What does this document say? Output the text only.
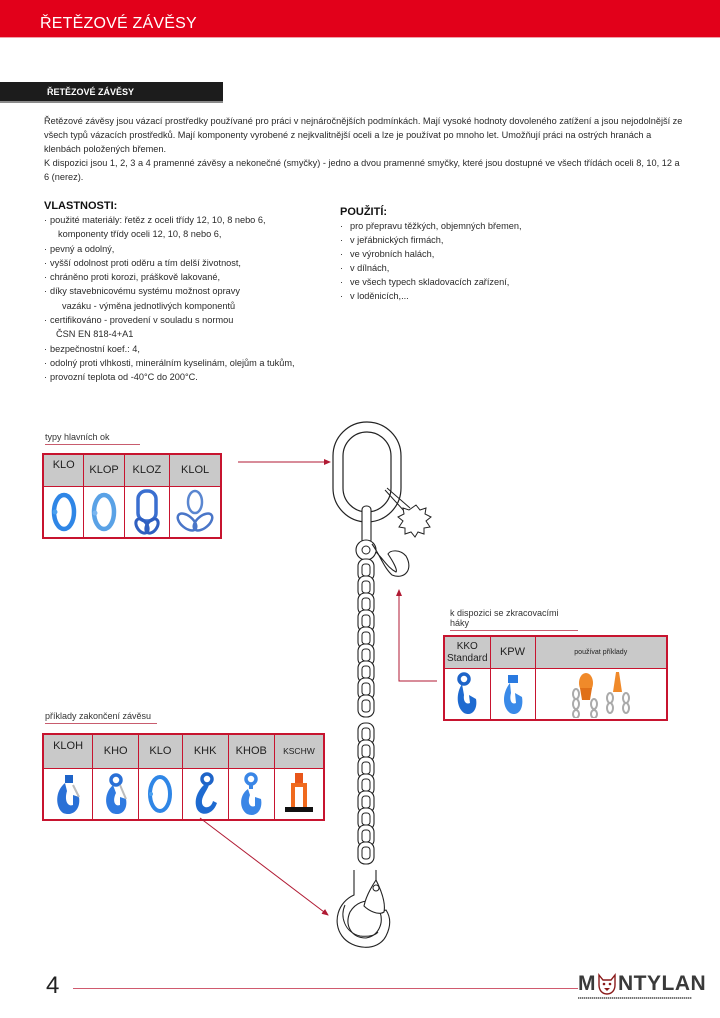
ŘETĚZOVÉ ZÁVĚSY
ŘETĚZOVÉ ZÁVĚSY

Řetězové závěsy jsou vázací prostředky používané pro práci v nejnáročnějších podmínkách. Mají vysoké hodnoty dovoleného zatížení a jsou nejodolnější ze všech typů vázacích prostředků. Mají komponenty vyrobené z nejkvalitnější oceli a lze je používat po mnoho let. Umožňují práci na ostrých hranách a klenbách položených břemen.

K dispozici jsou 1, 2, 3 a 4 pramenné závěsy a nekonečné (smyčky) - jedno a dvou pramenné smyčky, které jsou dostupné ve všech třídách oceli 8, 10, 12 a 6 (nerez).

VLASTNOSTI:
· použité materiály: řetěz z oceli třídy 12, 10, 8 nebo 6,
komponenty třídy oceli 12, 10, 8 nebo 6,
· pevný a odolný,
· vyšší odolnost proti oděru a tím delší životnost,
· chráněno proti korozi, práškově lakované,
· díky stavebnicovému systému možnost opravy
vazáku - výměna jednotlivých komponentů
· certifikováno - provedení v souladu s normou
ČSN EN 818-4+A1
· bezpečnostní koef.: 4,
· odolný proti vlhkosti, minerálním kyselinám, olejům a tukům,
· provozní teplota od -40°C do 200°C.
POUŽITÍ:
· pro přepravu těžkých, objemných břemen,
· v jeřábnických firmách,
· ve výrobních halách,
· v dílnách,
· ve všech typech skladovacích zařízení,
· v loděnicích,...
typy hlavních ok
KLO	KLOP	KLOZ	KLOL

k dispozici se zkracovacími háky
KKO Standard	KPW	používat příklady

příklady zakončení závěsu
KLOH	KHO	KLO	KHK	KHOB	KSCHW

4	M NTYLAN
